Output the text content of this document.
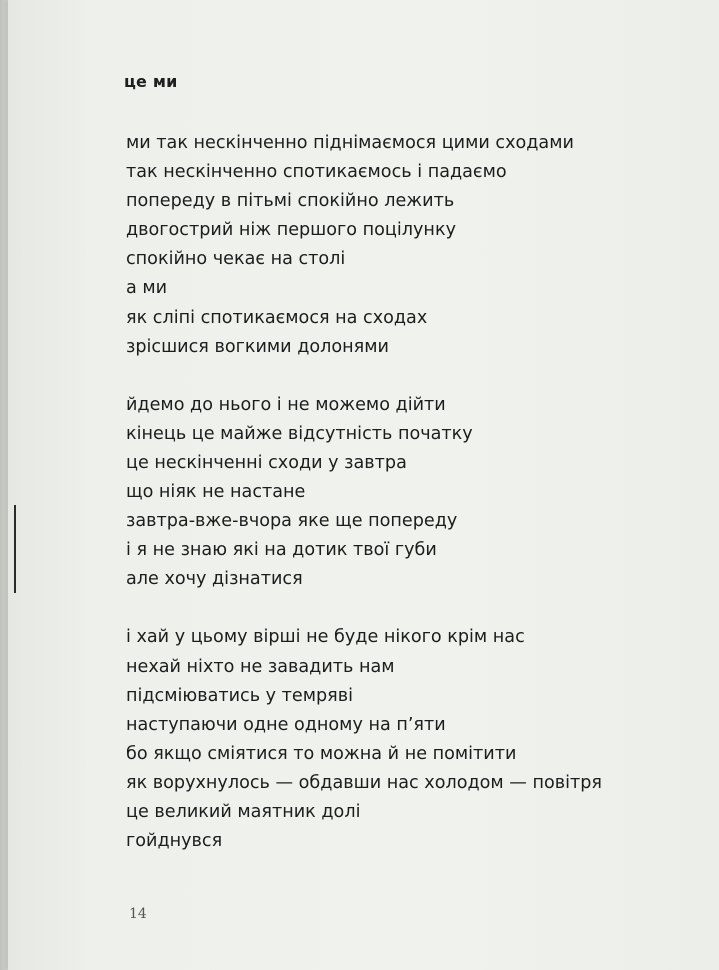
це ми
ми так нескінченно піднімаємося цими сходами
так нескінченно спотикаємось і падаємо
попереду в пітьмі спокійно лежить
двогострий ніж першого поцілунку
спокійно чекає на столі
а ми
як сліпі спотикаємося на сходах
зрісшися вогкими долонями
йдемо до нього і не можемо дійти
кінець це майже відсутність початку
це нескінченні сходи у завтра
що ніяк не настане
завтра-вже-вчора яке ще попереду
і я не знаю які на дотик твої губи
але хочу дізнатися
і хай у цьому вірші не буде нікого крім нас
нехай ніхто не завадить нам
підсміюватись у темряві
наступаючи одне одному на п’яти
бо якщо сміятися то можна й не помітити
як ворухнулось — обдавши нас холодом — повітря
це великий маятник долі
гойднувся
14
